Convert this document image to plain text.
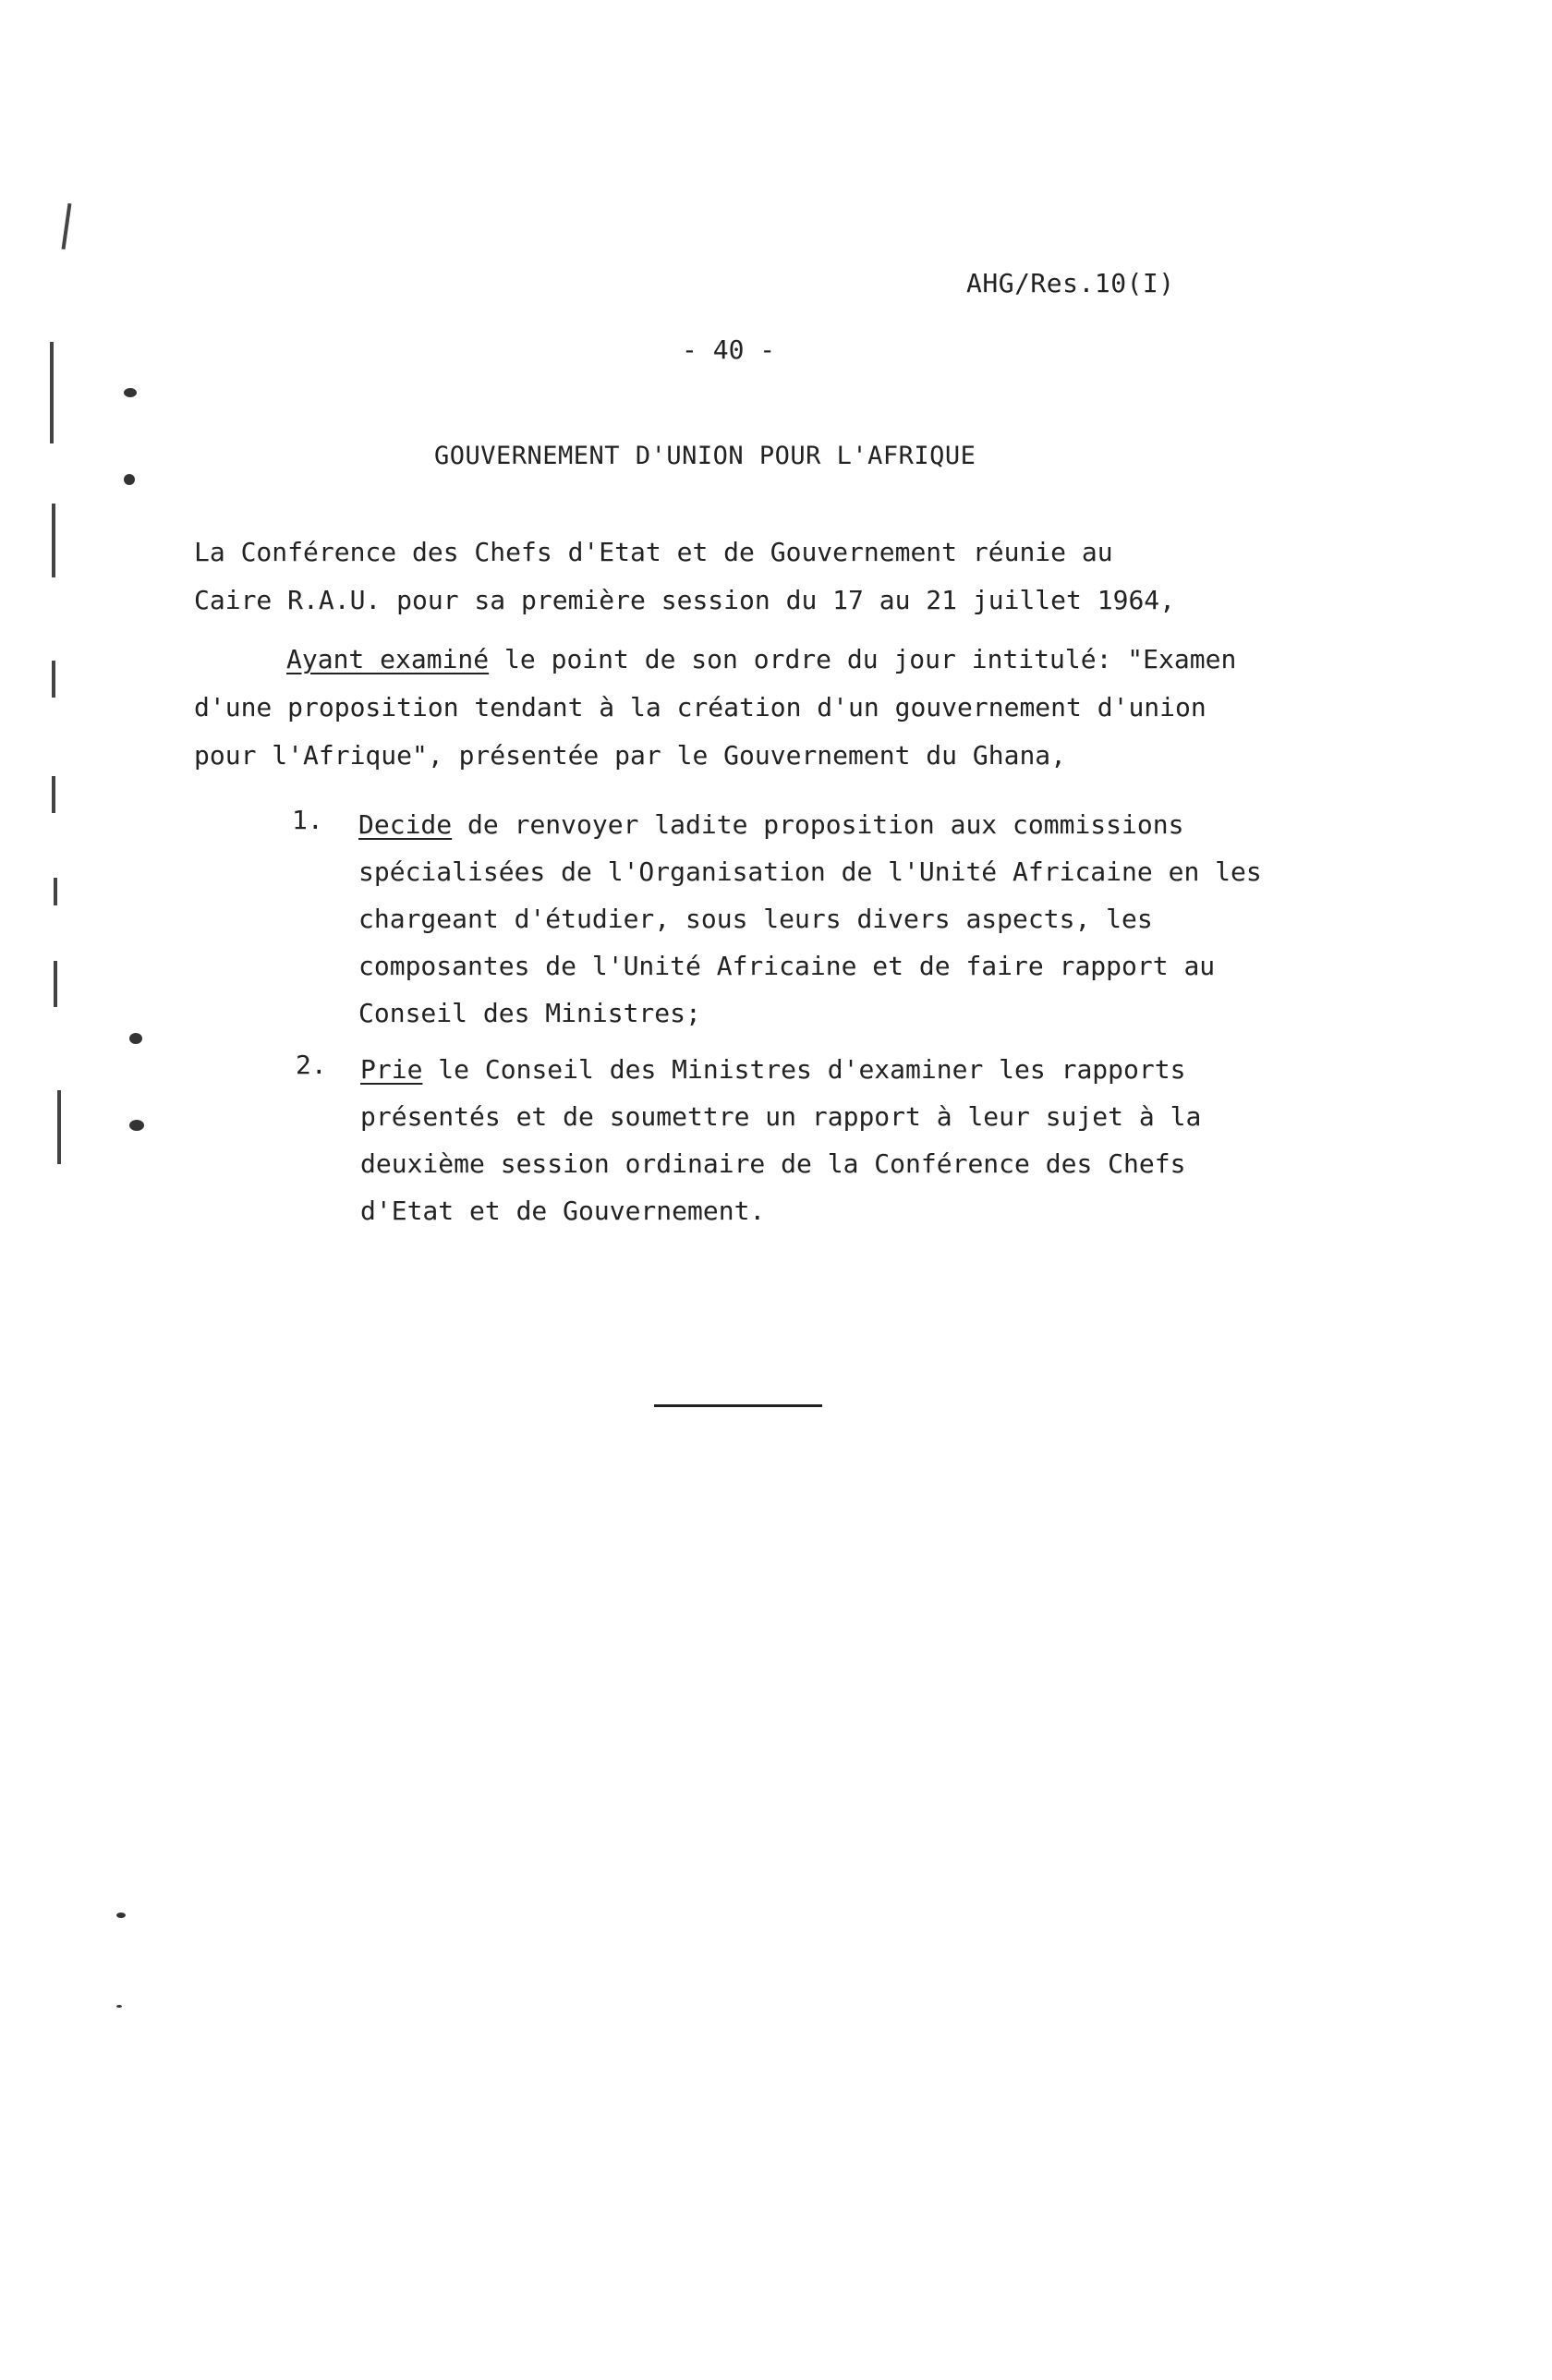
AHG/Res.10(I)
- 40 -
GOUVERNEMENT D'UNION POUR L'AFRIQUE
La Conférence des Chefs d'Etat et de Gouvernement réunie au
Caire R.A.U. pour sa première session du 17 au 21 juillet 1964,
Ayant examiné le point de son ordre du jour intitulé: "Examen
d'une proposition tendant à la création d'un gouvernement d'union
pour l'Afrique", présentée par le Gouvernement du Ghana,
1. Decide de renvoyer ladite proposition aux commissions
spécialisées de l'Organisation de l'Unité Africaine en les
chargeant d'étudier, sous leurs divers aspects, les
composantes de l'Unité Africaine et de faire rapport au
Conseil des Ministres;
2. Prie le Conseil des Ministres d'examiner les rapports
présentés et de soumettre un rapport à leur sujet à la
deuxième session ordinaire de la Conférence des Chefs
d'Etat et de Gouvernement.
